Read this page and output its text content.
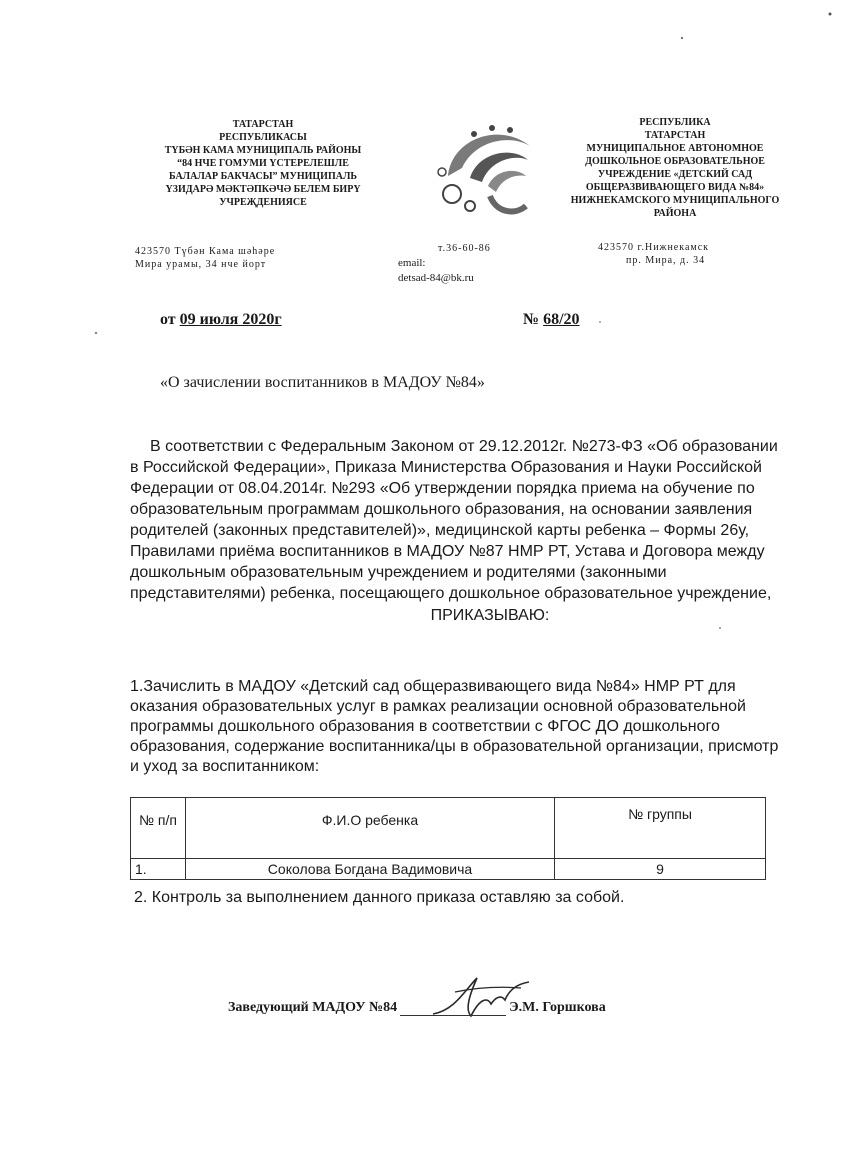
ТАТАРСТАН
РЕСПУБЛИКАСЫ
ТҮБӘН КАМА МУНИЦИПАЛЬ РАЙОНЫ
“84 НЧЕ ГОМУМИ ҮСТЕРЕЛЕШЛЕ
БАЛАЛАР БАКЧАСЫ” МУНИЦИПАЛЬ
ҮЗИДАРӘ МӘКТӘПКӘЧӘ БЕЛЕМ БИРҮ
УЧРЕҖДЕНИЯСЕ
РЕСПУБЛИКА
ТАТАРСТАН
МУНИЦИПАЛЬНОЕ АВТОНОМНОЕ
ДОШКОЛЬНОЕ ОБРАЗОВАТЕЛЬНОЕ
УЧРЕЖДЕНИЕ «ДЕТСКИЙ САД
ОБЩЕРАЗВИВАЮЩЕГО ВИДА №84»
НИЖНЕКАМСКОГО МУНИЦИПАЛЬНОГО
РАЙОНА
423570 Түбән Кама шәһәре
Мира урамы, 34 нче йорт
т.36-60-86
email:
detsad-84@bk.ru
423570 г.Нижнекамск
пр. Мира, д. 34
от 09 июля 2020г	№ 68/20
«О зачислении воспитанников в МАДОУ №84»
В соответствии с Федеральным Законом от 29.12.2012г. №273-ФЗ «Об образовании в Российской Федерации», Приказа Министерства Образования и Науки Российской Федерации от 08.04.2014г. №293 «Об утверждении порядка приема на обучение по образовательным программам дошкольного образования, на основании заявления родителей (законных представителей)», медицинской карты ребенка – Формы 26у, Правилами приёма воспитанников в МАДОУ №87 НМР РТ, Устава и Договора между дошкольным образовательным учреждением и родителями (законными представителями) ребенка, посещающего дошкольное образовательное учреждение,
ПРИКАЗЫВАЮ:
1.Зачислить в МАДОУ «Детский сад общеразвивающего вида №84» НМР РТ для оказания образовательных услуг в рамках реализации основной образовательной программы дошкольного образования в соответствии с ФГОС ДО дошкольного образования, содержание воспитанника/цы в образовательной организации, присмотр и уход за воспитанником:
№ п/п	Ф.И.О ребенка	№ группы
1.	Соколова Богдана Вадимовича	9
2. Контроль за выполнением данного приказа оставляю за собой.
Заведующий МАДОУ №84	Э.М. Горшкова
